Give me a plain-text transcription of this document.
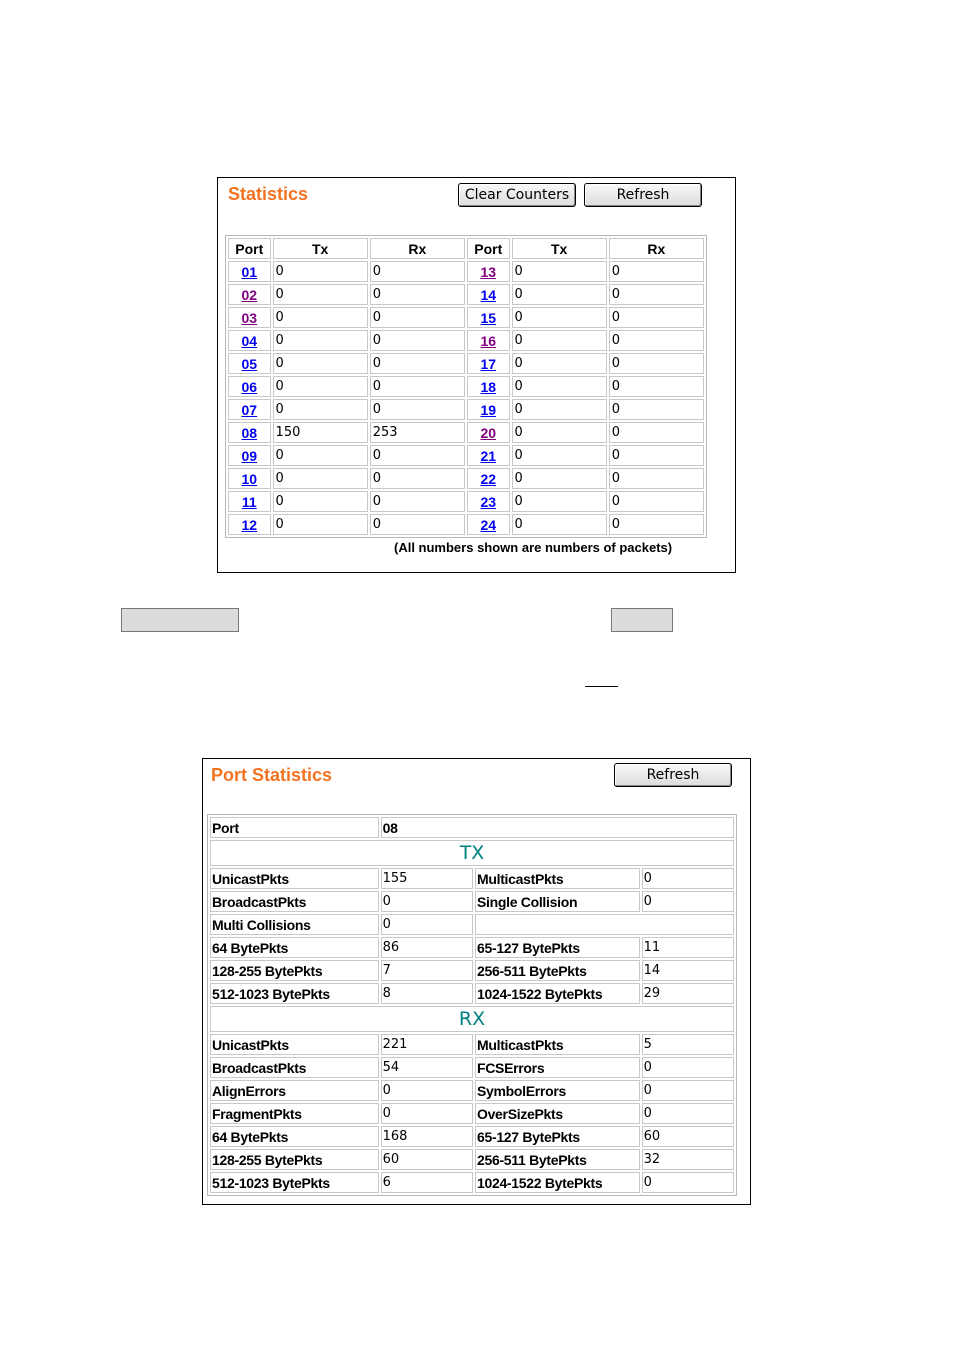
Statistics	Clear Counters	Refresh
Port	Tx	Rx	Port	Tx	Rx
01	0	0	13	0	0
02	0	0	14	0	0
03	0	0	15	0	0
04	0	0	16	0	0
05	0	0	17	0	0
06	0	0	18	0	0
07	0	0	19	0	0
08	150	253	20	0	0
09	0	0	21	0	0
10	0	0	22	0	0
11	0	0	23	0	0
12	0	0	24	0	0
(All numbers shown are numbers of packets)
Port Statistics	Refresh
Port	08		
TX			
UnicastPkts	155	MulticastPkts	0
BroadcastPkts	0	Single Collision	0
Multi Collisions	0		
64 BytePkts	86	65-127 BytePkts	11
128-255 BytePkts	7	256-511 BytePkts	14
512-1023 BytePkts	8	1024-1522 BytePkts	29
RX			
UnicastPkts	221	MulticastPkts	5
BroadcastPkts	54	FCSErrors	0
AlignErrors	0	SymbolErrors	0
FragmentPkts	0	OverSizePkts	0
64 BytePkts	168	65-127 BytePkts	60
128-255 BytePkts	60	256-511 BytePkts	32
512-1023 BytePkts	6	1024-1522 BytePkts	0
